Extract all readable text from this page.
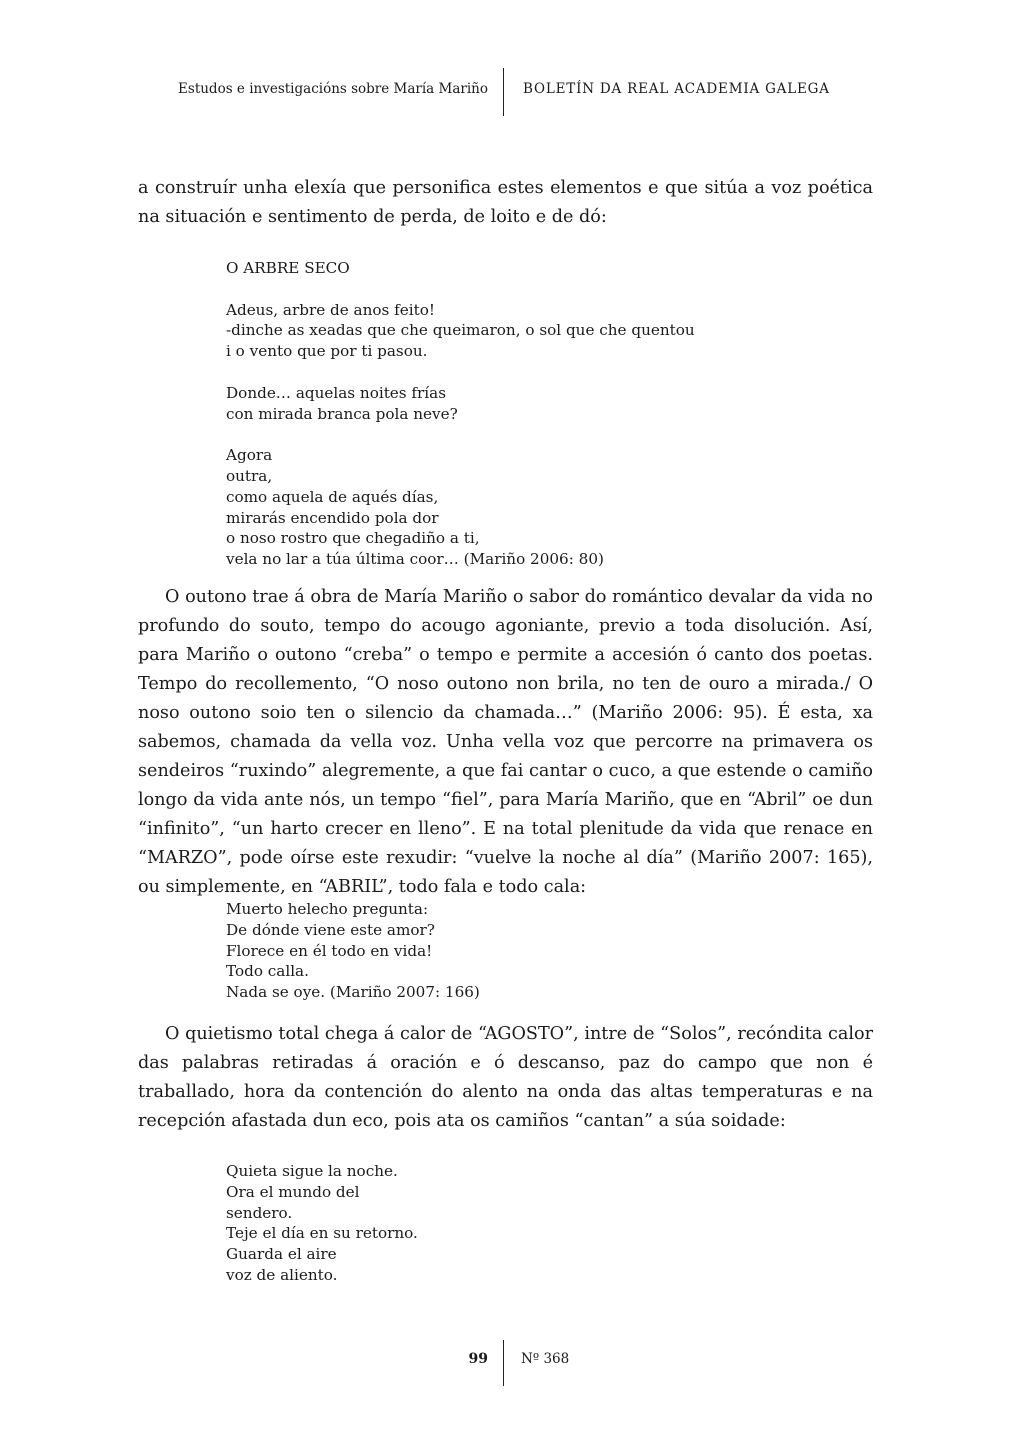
Estudos e investigacións sobre María Mariño	BOLETÍN DA REAL ACADEMIA GALEGA

a construír unha elexía que personifica estes elementos e que sitúa a voz poética na situación e sentimento de perda, de loito e de dó:

O ARBRE SECO
Adeus, arbre de anos feito!
-dinche as xeadas que che queimaron, o sol que che quentou
i o vento que por ti pasou.
Donde… aquelas noites frías
con mirada branca pola neve?
Agora
outra,
como aquela de aqués días,
mirarás encendido pola dor
o noso rostro que chegadiño a ti,
vela no lar a túa última coor… (Mariño 2006: 80)

O outono trae á obra de María Mariño o sabor do romántico devalar da vida no profundo do souto, tempo do acougo agoniante, previo a toda disolución. Así, para Mariño o outono “creba” o tempo e permite a accesión ó canto dos poetas. Tempo do recollemento, “O noso outono non brila, no ten de ouro a mirada./ O noso outono soio ten o silencio da chamada…” (Mariño 2006: 95). É esta, xa sabemos, chamada da vella voz. Unha vella voz que percorre na primavera os sendeiros “ruxindo” alegremente, a que fai cantar o cuco, a que estende o camiño longo da vida ante nós, un tempo “fiel”, para María Mariño, que en “Abril” oe dun “infinito”, “un harto crecer en lleno”. E na total plenitude da vida que renace en “MARZO”, pode oírse este rexudir: “vuelve la noche al día” (Mariño 2007: 165), ou simplemente, en “ABRIL”, todo fala e todo cala:

Muerto helecho pregunta:
De dónde viene este amor?
Florece en él todo en vida!
Todo calla.
Nada se oye. (Mariño 2007: 166)

O quietismo total chega á calor de “AGOSTO”, intre de “Solos”, recóndita calor das palabras retiradas á oración e ó descanso, paz do campo que non é traballado, hora da contención do alento na onda das altas temperaturas e na recepción afastada dun eco, pois ata os camiños “cantan” a súa soidade:

Quieta sigue la noche.
Ora el mundo del
sendero.
Teje el día en su retorno.
Guarda el aire
voz de aliento.
99 Nº 368
